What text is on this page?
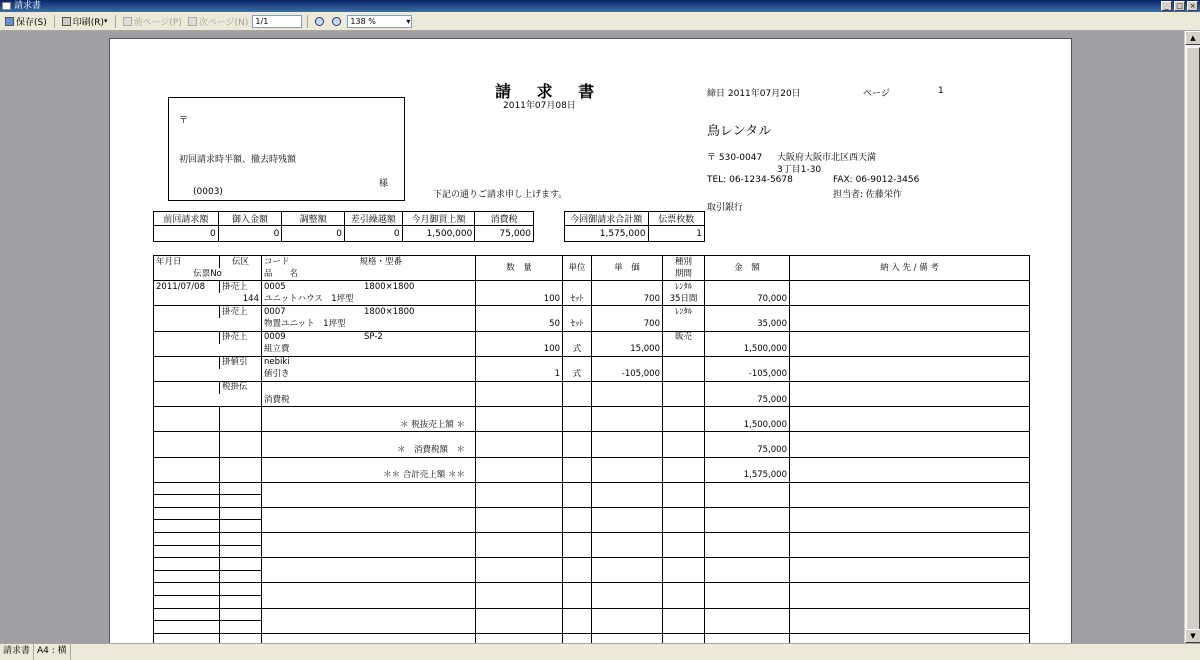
請求書	_	□ ×
保存(S)	印刷(R) ▾	前ページ(P) 次ページ(N) 1/1	138 % ▾
請 求 書
2011年07月08日
締日 2011年07月20日	ページ	1
〒
初回請求時半額、撤去時残額
様
(0003)	下記の通りご請求申し上げます。
鳥レンタル
〒 530-0047 大阪府大阪市北区西天満
3丁目1-30
TEL: 06-1234-5678	FAX: 06-9012-3456
担当者: 佐藤栄作
取引銀行
前回請求額	御入金額	調整額	差引繰越額	今月御買上額	消費税
0	0	0	0	1,500,000	75,000
今回御請求合計額	伝票枚数
1,575,000	1
年月日	伝区	コード 規格・型番	数　量	単位	単　価	種別	金　額	納 入 先 / 備 考
伝票No		品　　名				期間		
2011/07/08	掛売上	0005 1800×1800				ﾚﾝﾀﾙ		
144		ユニットハウス　1坪型	100	ｾｯﾄ	700	35日間	70,000	
	掛売上	0007 1800×1800				ﾚﾝﾀﾙ		
		物置ユニット　1坪型	50	ｾｯﾄ	700		35,000	
	掛売上	0009 SP-2				販売		
		組立費	100	式	15,000		1,500,000	
	掛値引	nebiki						
		値引き	1	式	-105,000		-105,000	
	税掛伝							
		消費税					75,000	

		＊ 税抜売上額 ＊					1,500,000	

		＊　消費税額　＊					75,000	

		＊＊ 合計売上額 ＊＊					1,575,000	

▲
▼
請求書 A4 : 横
